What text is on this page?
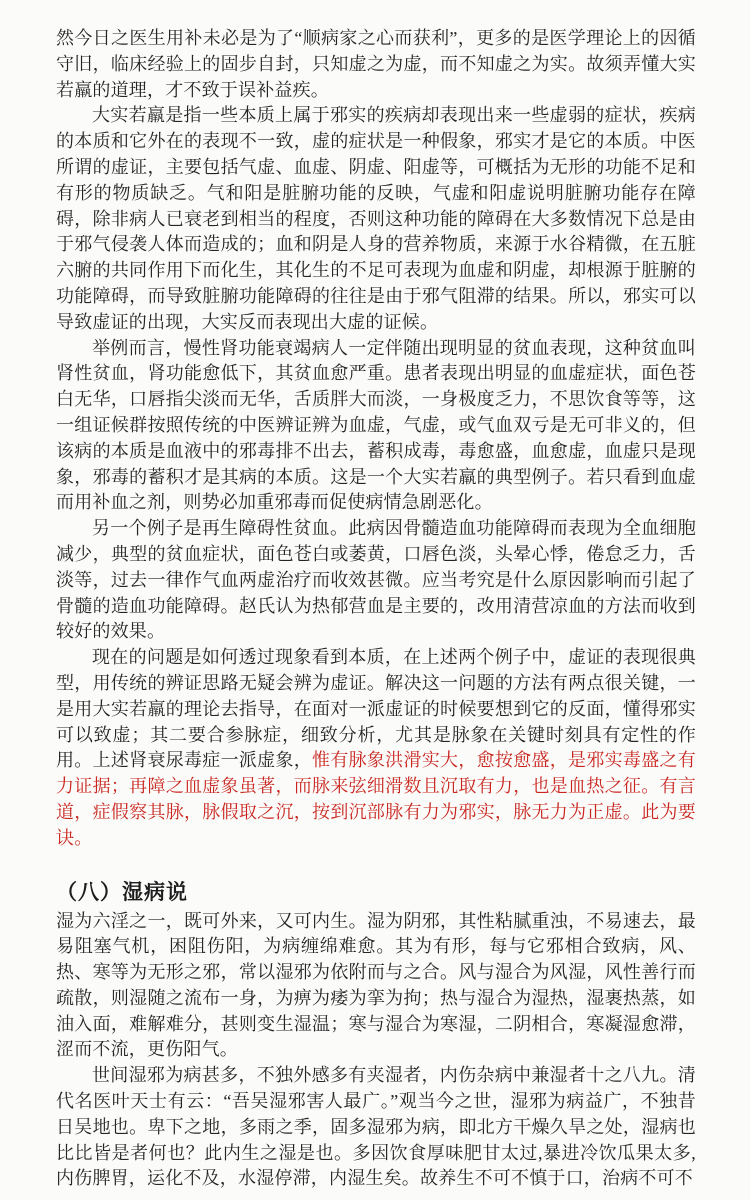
然今日之医生用补未必是为了“顺病家之心而获利”，更多的是医学理论上的因循守旧，临床经验上的固步自封，只知虚之为虚，而不知虚之为实。故须弄懂大实若羸的道理，才不致于误补益疾。

大实若羸是指一些本质上属于邪实的疾病却表现出来一些虚弱的症状，疾病的本质和它外在的表现不一致，虚的症状是一种假象，邪实才是它的本质。中医所谓的虚证，主要包括气虚、血虚、阴虚、阳虚等，可概括为无形的功能不足和有形的物质缺乏。气和阳是脏腑功能的反映，气虚和阳虚说明脏腑功能存在障碍，除非病人已衰老到相当的程度，否则这种功能的障碍在大多数情况下总是由于邪气侵袭人体而造成的；血和阴是人身的营养物质，来源于水谷精微，在五脏六腑的共同作用下而化生，其化生的不足可表现为血虚和阴虚，却根源于脏腑的功能障碍，而导致脏腑功能障碍的往往是由于邪气阻滞的结果。所以，邪实可以导致虚证的出现，大实反而表现出大虚的证候。

举例而言，慢性肾功能衰竭病人一定伴随出现明显的贫血表现，这种贫血叫肾性贫血，肾功能愈低下，其贫血愈严重。患者表现出明显的血虚症状，面色苍白无华，口唇指尖淡而无华，舌质胖大而淡，一身极度乏力，不思饮食等等，这一组证候群按照传统的中医辨证辨为血虚，气虚，或气血双亏是无可非义的，但该病的本质是血液中的邪毒排不出去，蓄积成毒，毒愈盛，血愈虚，血虚只是现象，邪毒的蓄积才是其病的本质。这是一个大实若羸的典型例子。若只看到血虚而用补血之剂，则势必加重邪毒而促使病情急剧恶化。

另一个例子是再生障碍性贫血。此病因骨髓造血功能障碍而表现为全血细胞减少，典型的贫血症状，面色苍白或萎黄，口唇色淡，头晕心悸，倦怠乏力，舌淡等，过去一律作气血两虚治疗而收效甚微。应当考究是什么原因影响而引起了骨髓的造血功能障碍。赵氏认为热郁营血是主要的，改用清营凉血的方法而收到较好的效果。

现在的问题是如何透过现象看到本质，在上述两个例子中，虚证的表现很典型，用传统的辨证思路无疑会辨为虚证。解决这一问题的方法有两点很关键，一是用大实若羸的理论去指导，在面对一派虚证的时候要想到它的反面，懂得邪实可以致虚；其二要合参脉症，细致分析，尤其是脉象在关键时刻具有定性的作用。上述肾衰尿毒症一派虚象，惟有脉象洪滑实大，愈按愈盛，是邪实毒盛之有力证据；再障之血虚象虽著，而脉来弦细滑数且沉取有力，也是血热之征。有言道，症假察其脉，脉假取之沉，按到沉部脉有力为邪实，脉无力为正虚。此为要诀。

（八）湿病说

湿为六淫之一，既可外来，又可内生。湿为阴邪，其性粘腻重浊，不易速去，最易阻塞气机，困阻伤阳，为病缠绵难愈。其为有形，每与它邪相合致病，风、热、寒等为无形之邪，常以湿邪为依附而与之合。风与湿合为风湿，风性善行而疏散，则湿随之流布一身，为痹为痿为挛为拘；热与湿合为湿热，湿裹热蒸，如油入面，难解难分，甚则变生湿温；寒与湿合为寒湿，二阴相合，寒凝湿愈滞，涩而不流，更伤阳气。

世间湿邪为病甚多，不独外感多有夹湿者，内伤杂病中兼湿者十之八九。清代名医叶天士有云：“吾吴湿邪害人最广。”观当今之世，湿邪为病益广，不独昔日吴地也。卑下之地，多雨之季，固多湿邪为病，即北方干燥久旱之处，湿病也比比皆是者何也？此内生之湿是也。多因饮食厚味肥甘太过,暴进冷饮瓜果太多,内伤脾胃，运化不及，水湿停滞，内湿生矣。故养生不可不慎于口，治病不可不
